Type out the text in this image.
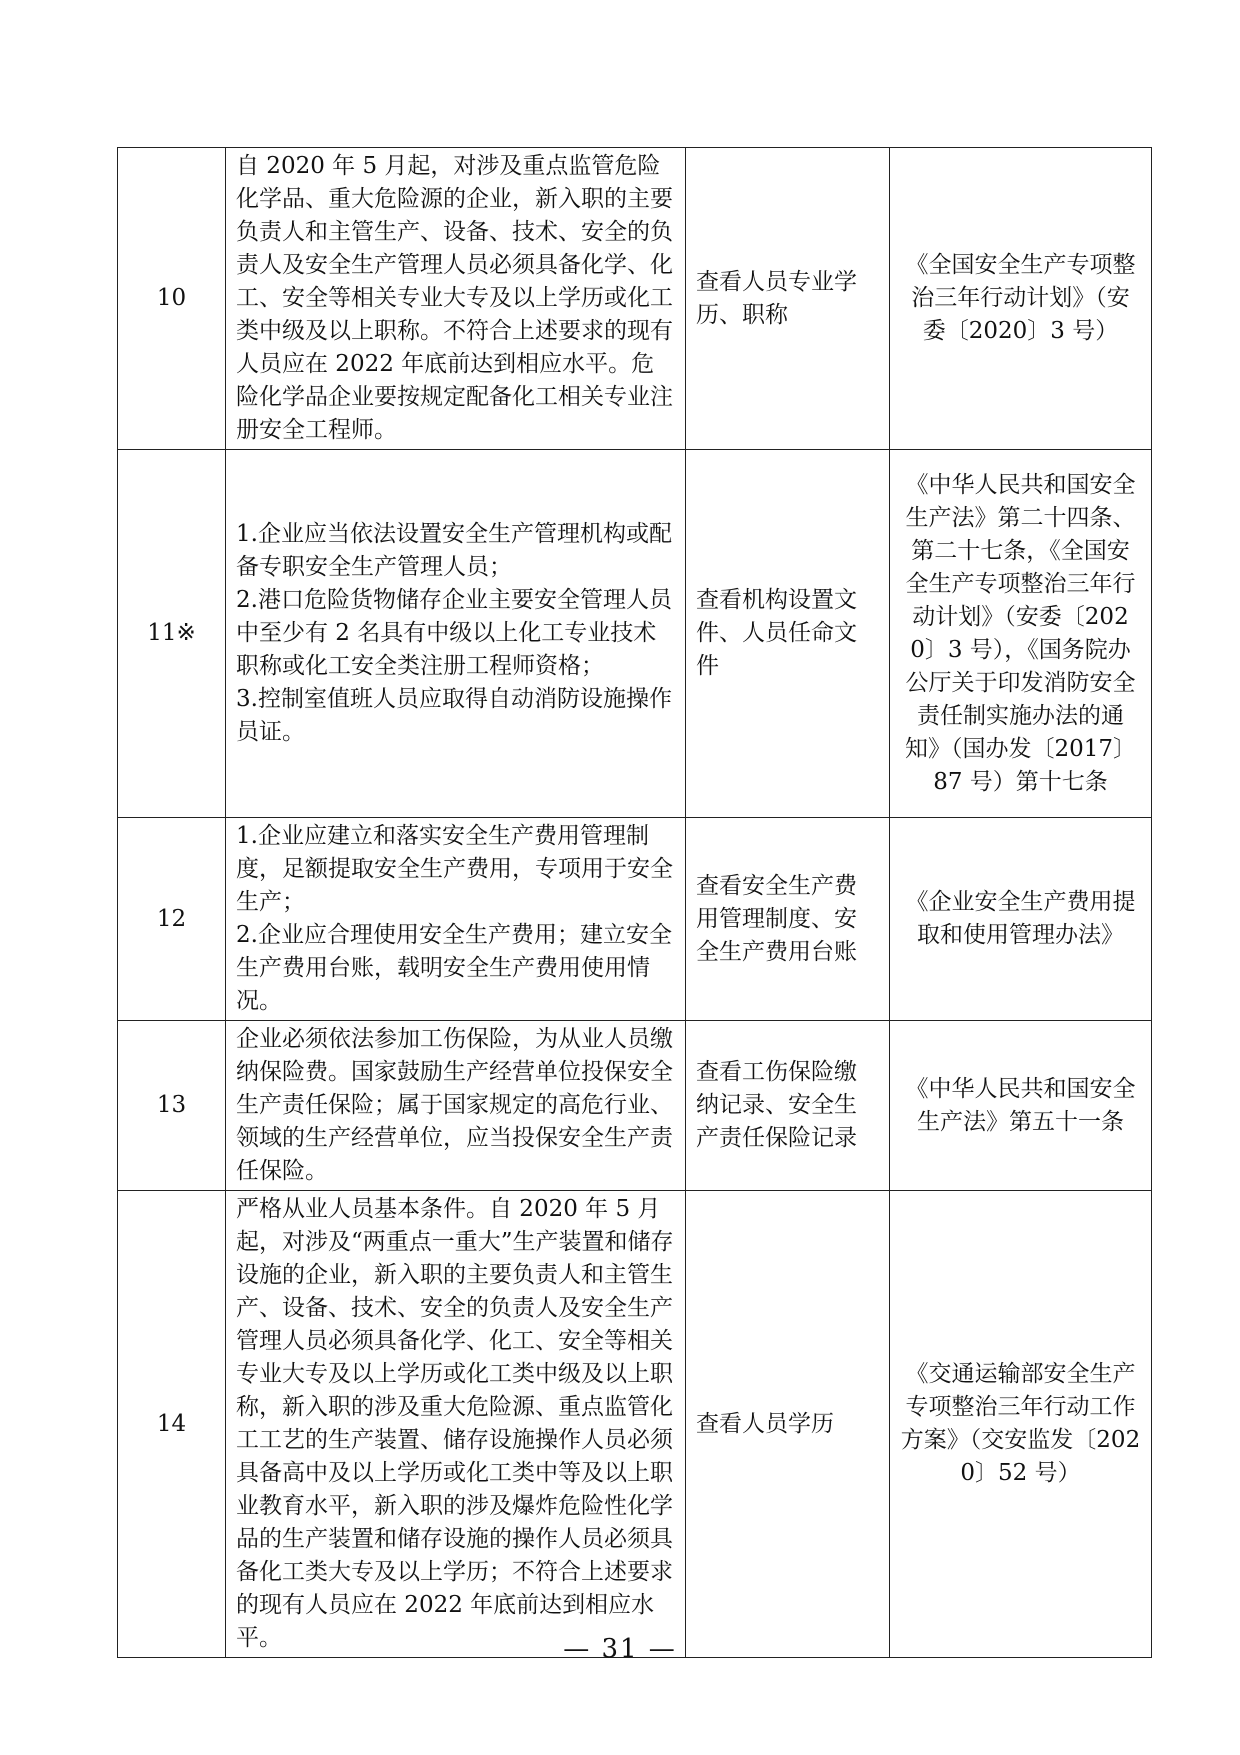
10	自 2020 年 5 月起，对涉及重点监管危险化学品、重大危险源的企业，新入职的主要负责人和主管生产、设备、技术、安全的负责人及安全生产管理人员必须具备化学、化工、安全等相关专业大专及以上学历或化工类中级及以上职称。不符合上述要求的现有人员应在 2022 年底前达到相应水平。危险化学品企业要按规定配备化工相关专业注册安全工程师。	查看人员专业学历、职称	《全国安全生产专项整治三年行动计划》（安委〔2020〕3 号）
11※	1.企业应当依法设置安全生产管理机构或配备专职安全生产管理人员；
2.港口危险货物储存企业主要安全管理人员中至少有 2 名具有中级以上化工专业技术职称或化工安全类注册工程师资格；
3.控制室值班人员应取得自动消防设施操作员证。	查看机构设置文件、人员任命文件	《中华人民共和国安全生产法》第二十四条、第二十七条，《全国安全生产专项整治三年行动计划》（安委〔2020〕3 号），《国务院办公厅关于印发消防安全责任制实施办法的通知》（国办发〔2017〕87 号）第十七条
12	1.企业应建立和落实安全生产费用管理制度，足额提取安全生产费用，专项用于安全生产；
2.企业应合理使用安全生产费用；建立安全生产费用台账，载明安全生产费用使用情况。	查看安全生产费用管理制度、安全生产费用台账	《企业安全生产费用提取和使用管理办法》
13	企业必须依法参加工伤保险，为从业人员缴纳保险费。国家鼓励生产经营单位投保安全生产责任保险；属于国家规定的高危行业、领域的生产经营单位，应当投保安全生产责任保险。	查看工伤保险缴纳记录、安全生产责任保险记录	《中华人民共和国安全生产法》第五十一条
14	严格从业人员基本条件。自 2020 年 5 月起，对涉及“两重点一重大”生产装置和储存设施的企业，新入职的主要负责人和主管生产、设备、技术、安全的负责人及安全生产管理人员必须具备化学、化工、安全等相关专业大专及以上学历或化工类中级及以上职称，新入职的涉及重大危险源、重点监管化工工艺的生产装置、储存设施操作人员必须具备高中及以上学历或化工类中等及以上职业教育水平，新入职的涉及爆炸危险性化学品的生产装置和储存设施的操作人员必须具备化工类大专及以上学历；不符合上述要求的现有人员应在 2022 年底前达到相应水平。	查看人员学历	《交通运输部安全生产专项整治三年行动工作方案》（交安监发〔2020〕52 号）
— 31 —
